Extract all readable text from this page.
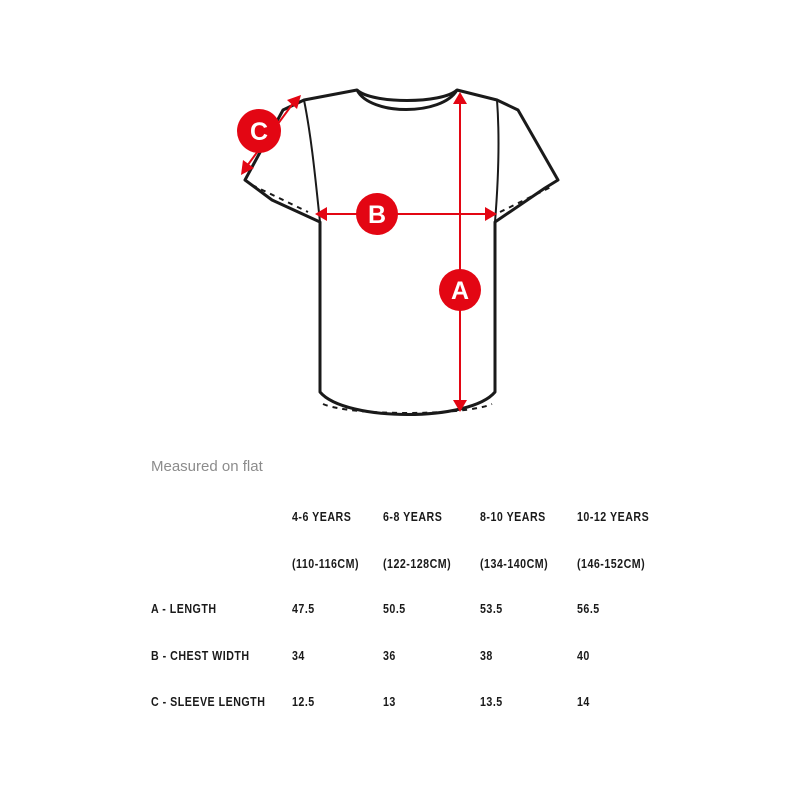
A
B
C
Measured on flat
4-6 YEARS 6-8 YEARS	8-10 YEARS 10-12 YEARS
(110-116CM) (122-128CM) (134-140CM) (146-152CM)
A - LENGTH	47.5	50.5	53.5	56.5
B - CHEST WIDTH	34	36	38	40
C - SLEEVE LENGTH 12.5	13	13.5	14
